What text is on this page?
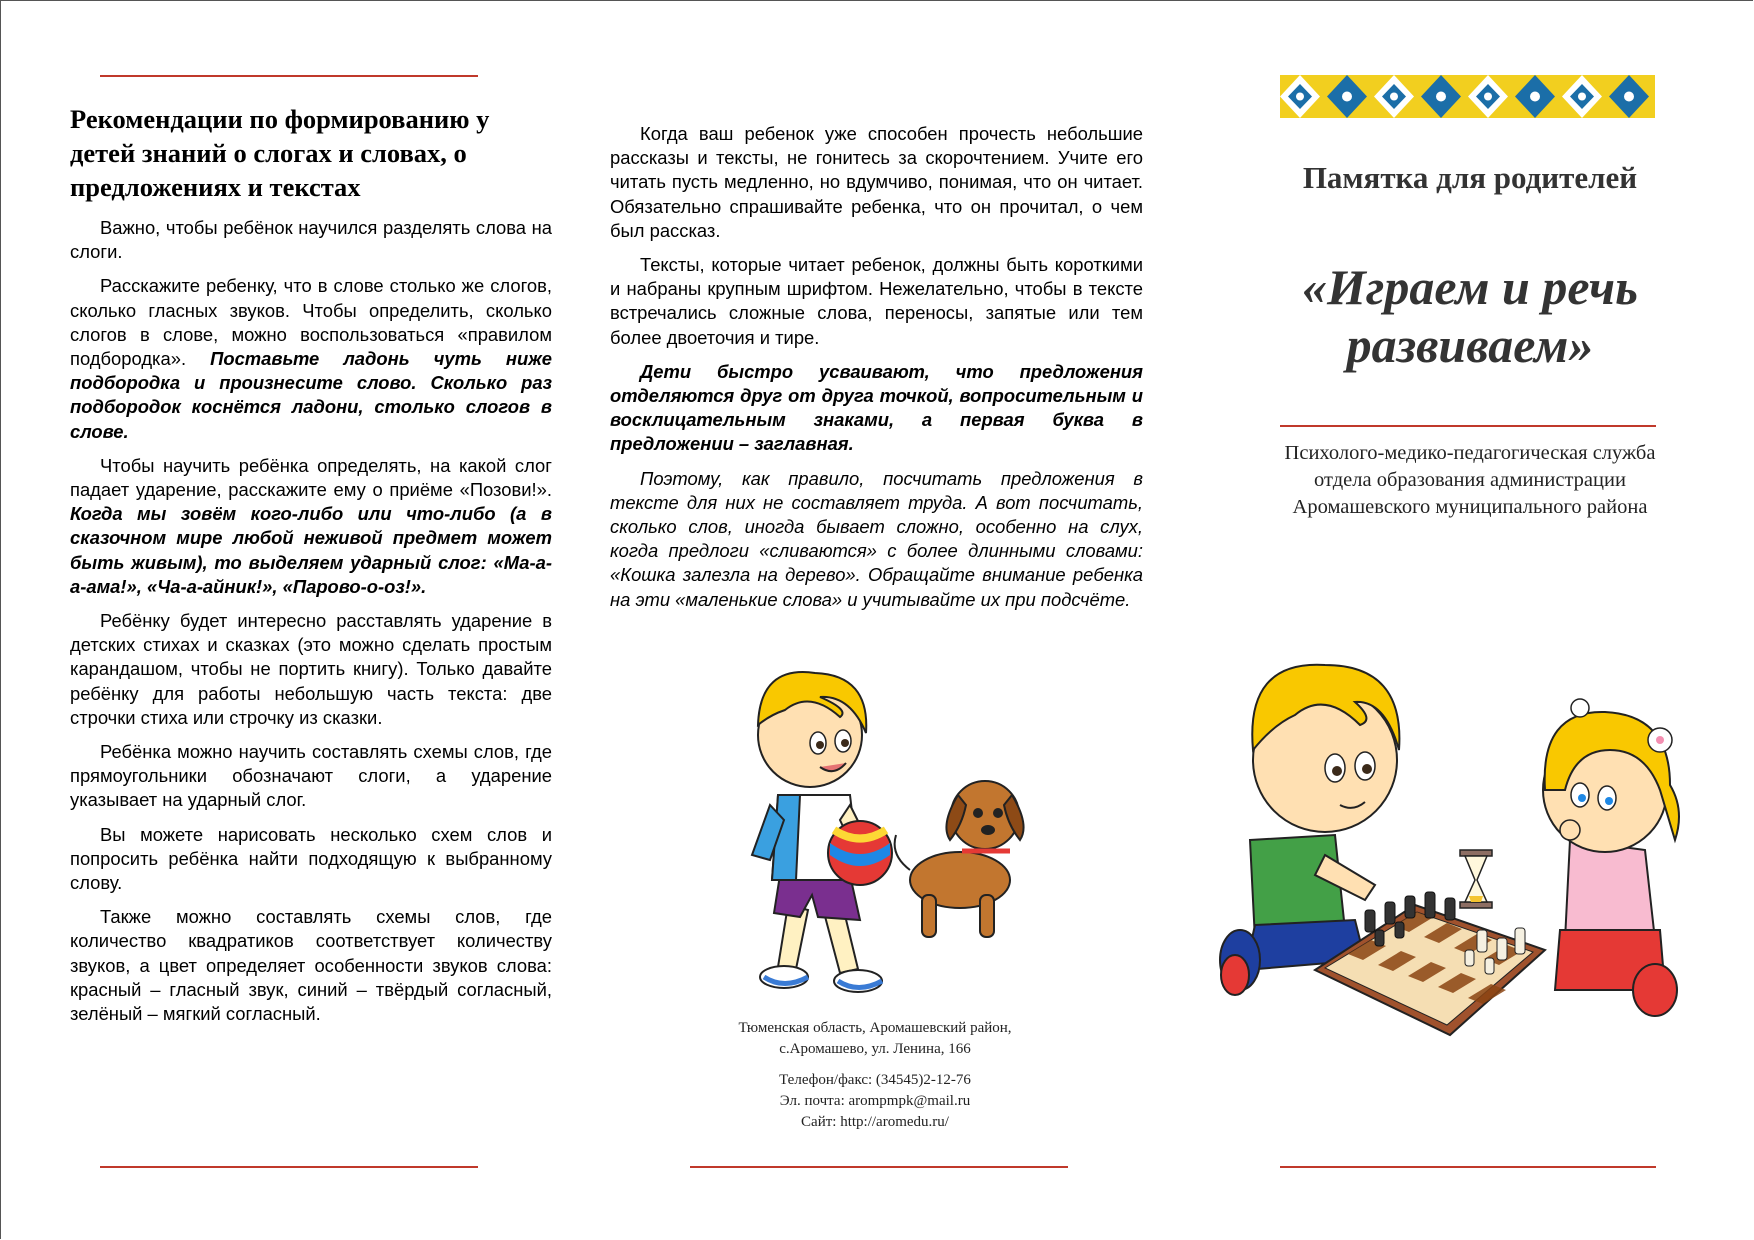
Рекомендации по формированию у детей знаний о слогах и словах, о предложениях и текстах

Важно, чтобы ребёнок научился разделять слова на слоги.

Расскажите ребенку, что в слове столько же слогов, сколько гласных звуков. Чтобы определить, сколько слогов в слове, можно воспользоваться «правилом подбородка». Поставьте ладонь чуть ниже подбородка и произнесите слово. Сколько раз подбородок коснётся ладони, столько слогов в слове.

Чтобы научить ребёнка определять, на какой слог падает ударение, расскажите ему о приёме «Позови!». Когда мы зовём кого-либо или что-либо (а в сказочном мире любой неживой предмет может быть живым), то выделяем ударный слог: «Ма-а-а-ама!», «Ча-а-айник!», «Парово-о-оз!».

Ребёнку будет интересно расставлять ударение в детских стихах и сказках (это можно сделать простым карандашом, чтобы не портить книгу). Только давайте ребёнку для работы небольшую часть текста: две строчки стиха или строчку из сказки.

Ребёнка можно научить составлять схемы слов, где прямоугольники обозначают слоги, а ударение указывает на ударный слог.

Вы можете нарисовать несколько схем слов и попросить ребёнка найти подходящую к выбранному слову.

Также можно составлять схемы слов, где количество квадратиков соответствует количеству звуков, а цвет определяет особенности звуков слова: красный – гласный звук, синий – твёрдый согласный, зелёный – мягкий согласный.

Когда ваш ребенок уже способен прочесть небольшие рассказы и тексты, не гонитесь за скорочтением. Учите его читать пусть медленно, но вдумчиво, понимая, что он читает. Обязательно спрашивайте ребенка, что он прочитал, о чем был рассказ.

Тексты, которые читает ребенок, должны быть короткими и набраны крупным шрифтом. Нежелательно, чтобы в тексте встречались сложные слова, переносы, запятые или тем более двоеточия и тире.

Дети быстро усваивают, что предложения отделяются друг от друга точкой, вопросительным и восклицательным знаками, а первая буква в предложении – заглавная.

Поэтому, как правило, посчитать предложения в тексте для них не составляет труда. А вот посчитать, сколько слов, иногда бывает сложно, особенно на слух, когда предлоги «сливаются» с более длинными словами: «Кошка залезла на дерево». Обращайте внимание ребенка на эти «маленькие слова» и учитывайте их при подсчёте.

Тюменская область, Аромашевский район,
с.Аромашево, ул. Ленина, 166
Телефон/факс: (34545)2-12-76
Эл. почта: arompmpk@mail.ru
Сайт: http://aromedu.ru/
Памятка для родителей
«Играем и речь
развиваем»
Психолого-медико-педагогическая служба
отдела образования администрации
Аромашевского муниципального района
